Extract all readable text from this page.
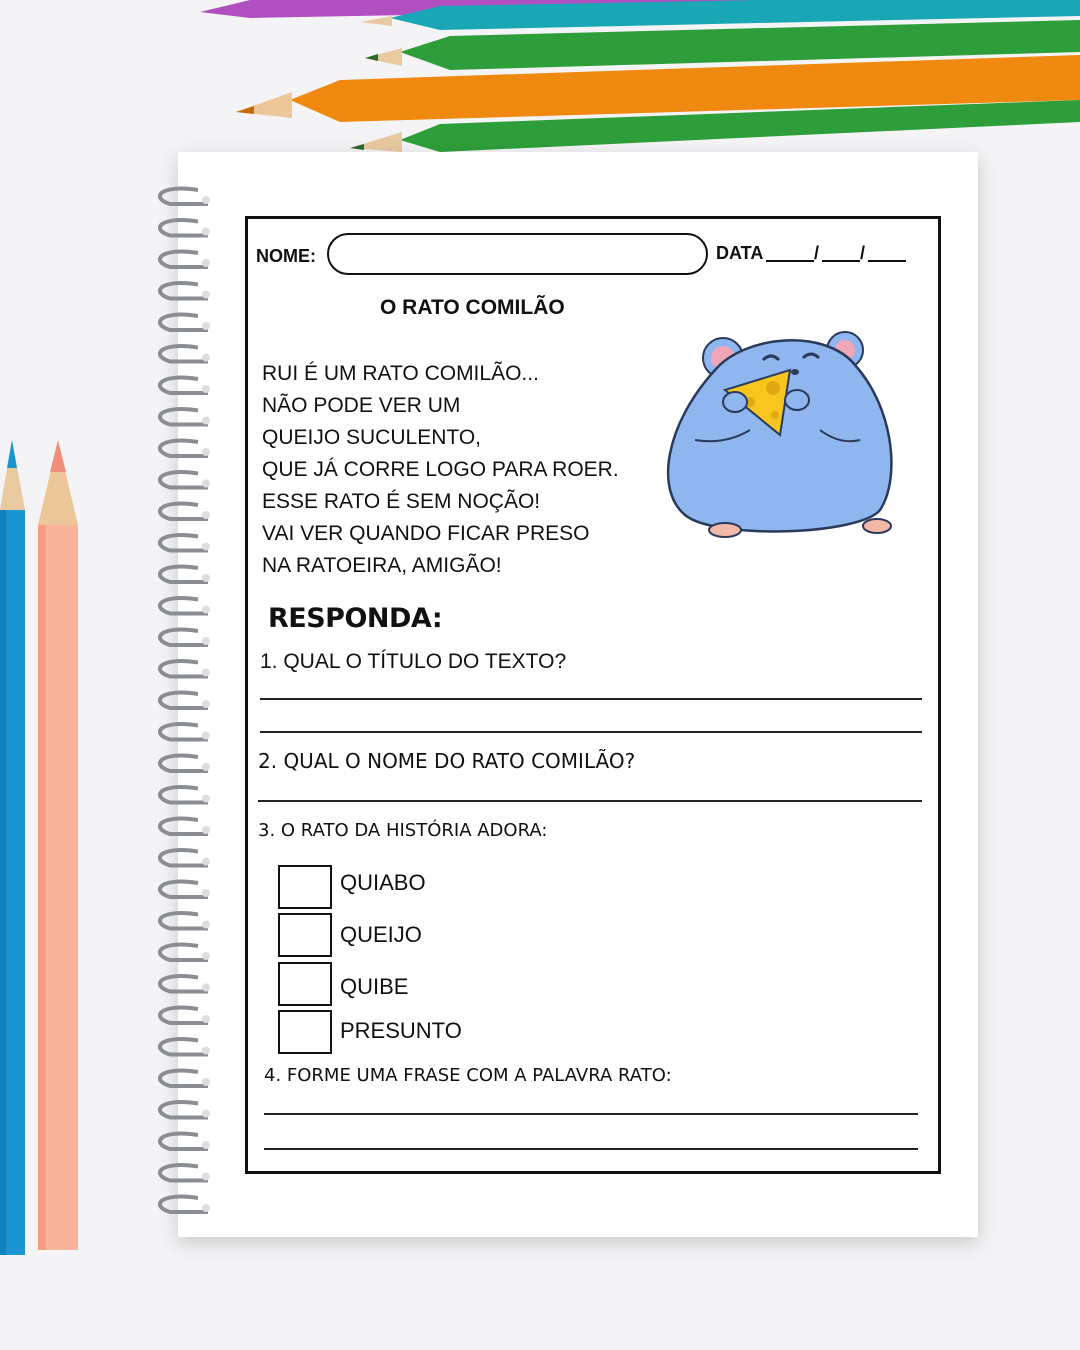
NOME:	DATA	/ /
O RATO COMILÃO
RUI É UM RATO COMILÃO...
NÃO PODE VER UM
QUEIJO SUCULENTO,
QUE JÁ CORRE LOGO PARA ROER.
ESSE RATO É SEM NOÇÃO!
VAI VER QUANDO FICAR PRESO
NA RATOEIRA, AMIGÃO!
RESPONDA:
1. QUAL O TÍTULO DO TEXTO?
2. QUAL O NOME DO RATO COMILÃO?
3. O RATO DA HISTÓRIA ADORA:
QUIABO
QUEIJO
QUIBE
PRESUNTO
4. FORME UMA FRASE COM A PALAVRA RATO:
